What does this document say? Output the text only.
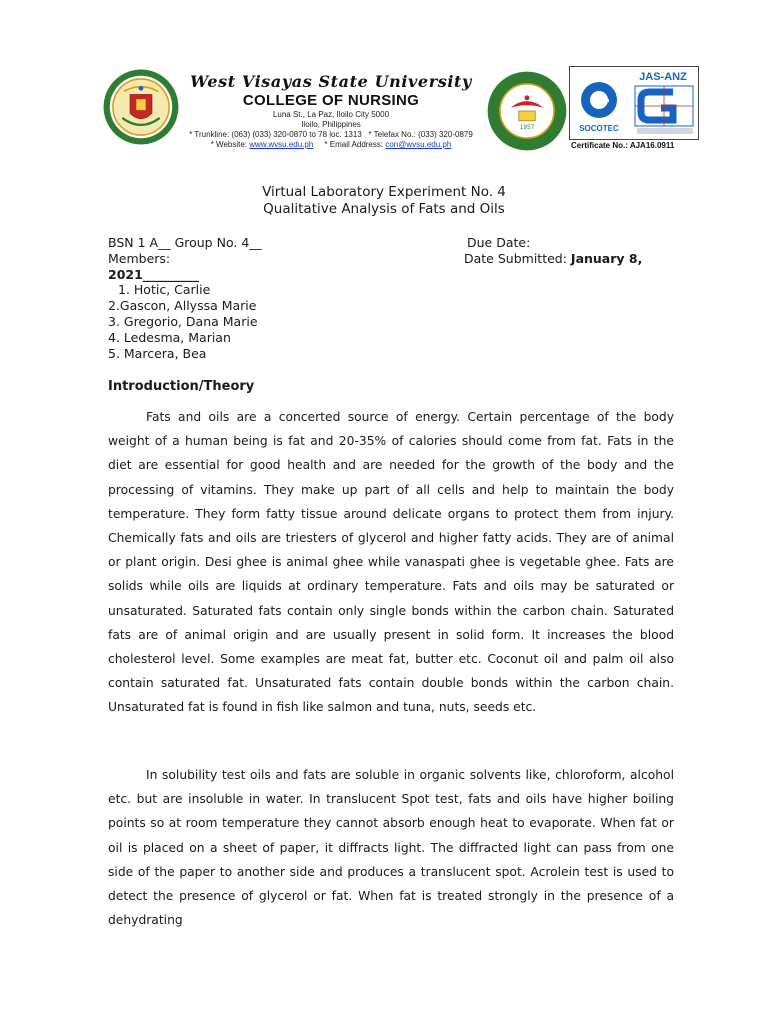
West Visayas State University
COLLEGE OF NURSING
Luna St., La Paz, Iloilo City 5000
Iloilo, Philippines
* Trunkline: (063) (033) 320-0870 to 78 loc. 1313 * Telefax No.: (033) 320-0879
* Website: www.wvsu.edu.ph * Email Address: con@wvsu.edu.ph
1957	SOCOTEC
JAS-ANZ
Certificate No.: AJA16.0911
Virtual Laboratory Experiment No. 4
Qualitative Analysis of Fats and Oils
BSN 1 A__ Group No. 4__	Due Date:
Members:	Date Submitted: January 8,
2021_________
1. Hotic, Carlie
2.Gascon, Allyssa Marie
3. Gregorio, Dana Marie
4. Ledesma, Marian
5. Marcera, Bea
Introduction/Theory
Fats and oils are a concerted source of energy. Certain percentage of the body weight of a human being is fat and 20-35% of calories should come from fat. Fats in the diet are essential for good health and are needed for the growth of the body and the processing of vitamins. They make up part of all cells and help to maintain the body temperature. They form fatty tissue around delicate organs to protect them from injury. Chemically fats and oils are triesters of glycerol and higher fatty acids. They are of animal or plant origin. Desi ghee is animal ghee while vanaspati ghee is vegetable ghee. Fats are solids while oils are liquids at ordinary temperature. Fats and oils may be saturated or unsaturated. Saturated fats contain only single bonds within the carbon chain. Saturated fats are of animal origin and are usually present in solid form. It increases the blood cholesterol level. Some examples are meat fat, butter etc. Coconut oil and palm oil also contain saturated fat. Unsaturated fats contain double bonds within the carbon chain. Unsaturated fat is found in fish like salmon and tuna, nuts, seeds etc.
In solubility test oils and fats are soluble in organic solvents like, chloroform, alcohol etc. but are insoluble in water. In translucent Spot test, fats and oils have higher boiling points so at room temperature they cannot absorb enough heat to evaporate. When fat or oil is placed on a sheet of paper, it diffracts light. The diffracted light can pass from one side of the paper to another side and produces a translucent spot. Acrolein test is used to detect the presence of glycerol or fat. When fat is treated strongly in the presence of a dehydrating
